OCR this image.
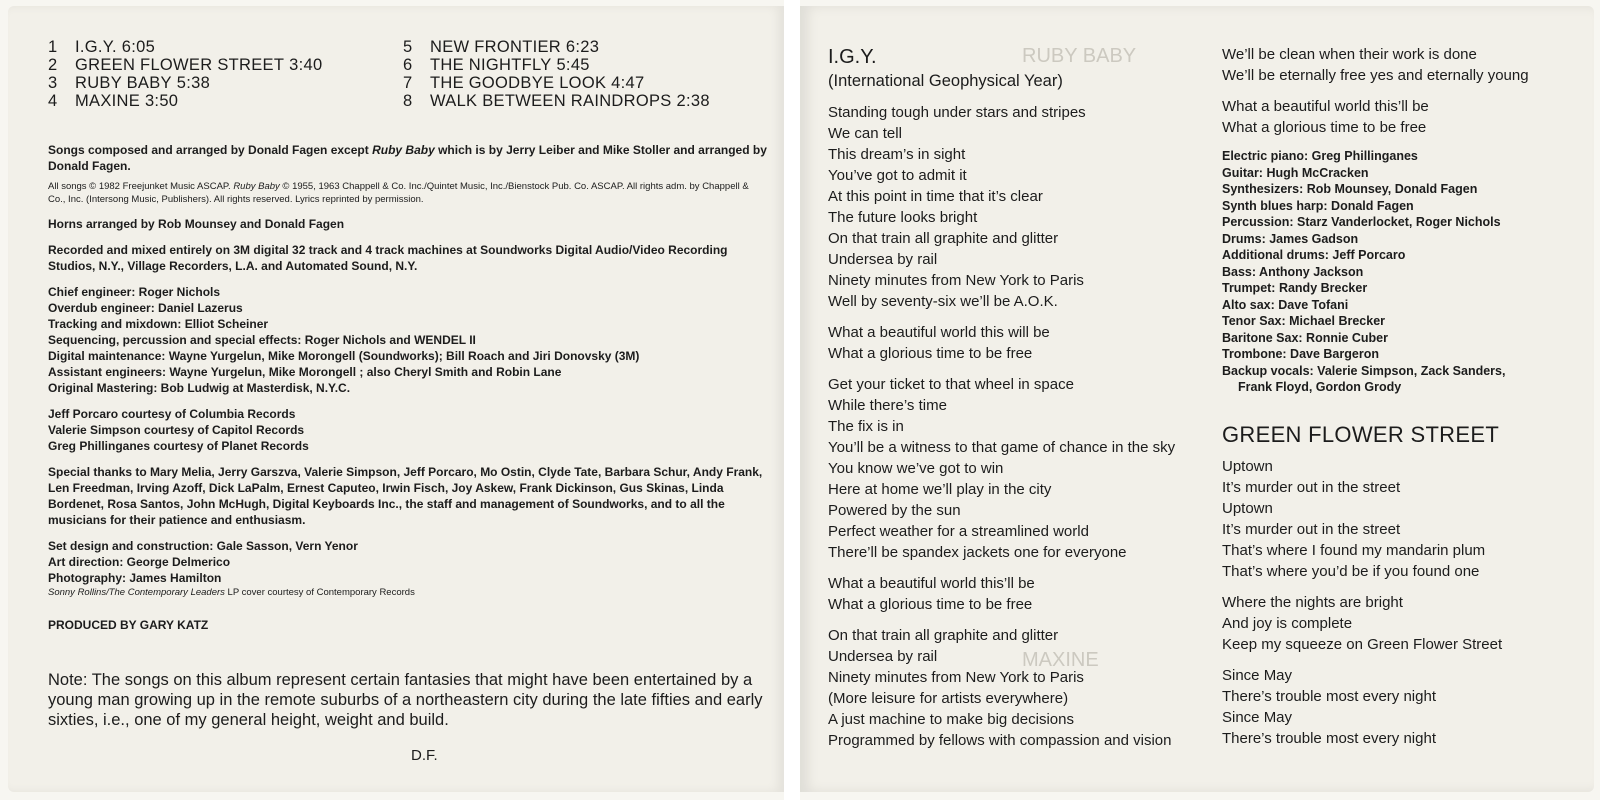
1 I.G.Y. 6:05
2 GREEN FLOWER STREET 3:40
3 RUBY BABY 5:38
4 MAXINE 3:50
5 NEW FRONTIER 6:23
6 THE NIGHTFLY 5:45
7 THE GOODBYE LOOK 4:47
8 WALK BETWEEN RAINDROPS 2:38

Songs composed and arranged by Donald Fagen except Ruby Baby which is by Jerry Leiber and Mike Stoller and arranged by Donald Fagen.

All songs © 1982 Freejunket Music ASCAP. Ruby Baby © 1955, 1963 Chappell & Co. Inc./Quintet Music, Inc./Bienstock Pub. Co. ASCAP. All rights adm. by Chappell & Co., Inc. (Intersong Music, Publishers). All rights reserved. Lyrics reprinted by permission.

Horns arranged by Rob Mounsey and Donald Fagen

Recorded and mixed entirely on 3M digital 32 track and 4 track machines at Soundworks Digital Audio/Video Recording Studios, N.Y., Village Recorders, L.A. and Automated Sound, N.Y.

Chief engineer: Roger Nichols

Overdub engineer: Daniel Lazerus

Tracking and mixdown: Elliot Scheiner

Sequencing, percussion and special effects: Roger Nichols and WENDEL II

Digital maintenance: Wayne Yurgelun, Mike Morongell (Soundworks); Bill Roach and Jiri Donovsky (3M)

Assistant engineers: Wayne Yurgelun, Mike Morongell ; also Cheryl Smith and Robin Lane

Original Mastering: Bob Ludwig at Masterdisk, N.Y.C.

Jeff Porcaro courtesy of Columbia Records

Valerie Simpson courtesy of Capitol Records

Greg Phillinganes courtesy of Planet Records

Special thanks to Mary Melia, Jerry Garszva, Valerie Simpson, Jeff Porcaro, Mo Ostin, Clyde Tate, Barbara Schur, Andy Frank, Len Freedman, Irving Azoff, Dick LaPalm, Ernest Caputeo, Irwin Fisch, Joy Askew, Frank Dickinson, Gus Skinas, Linda Bordenet, Rosa Santos, John McHugh, Digital Keyboards Inc., the staff and management of Soundworks, and to all the musicians for their patience and enthusiasm.

Set design and construction: Gale Sasson, Vern Yenor

Art direction: George Delmerico

Photography: James Hamilton

Sonny Rollins/The Contemporary Leaders LP cover courtesy of Contemporary Records

PRODUCED BY GARY KATZ

Note: The songs on this album represent certain fantasies that might have been entertained by a young man growing up in the remote suburbs of a northeastern city during the late fifties and early sixties, i.e., one of my general height, weight and build.
D.F.
RUBY BABY
MAXINE
I.G.Y.
(International Geophysical Year)

Standing tough under stars and stripes

We can tell

This dream’s in sight

You’ve got to admit it

At this point in time that it’s clear

The future looks bright

On that train all graphite and glitter

Undersea by rail

Ninety minutes from New York to Paris

Well by seventy-six we’ll be A.O.K.

What a beautiful world this will be

What a glorious time to be free

Get your ticket to that wheel in space

While there’s time

The fix is in

You’ll be a witness to that game of chance in the sky

You know we’ve got to win

Here at home we’ll play in the city

Powered by the sun

Perfect weather for a streamlined world

There’ll be spandex jackets one for everyone

What a beautiful world this’ll be

What a glorious time to be free

On that train all graphite and glitter

Undersea by rail

Ninety minutes from New York to Paris

(More leisure for artists everywhere)

A just machine to make big decisions

Programmed by fellows with compassion and vision

We’ll be clean when their work is done

We’ll be eternally free yes and eternally young

What a beautiful world this’ll be

What a glorious time to be free

Electric piano: Greg Phillinganes

Guitar: Hugh McCracken

Synthesizers: Rob Mounsey, Donald Fagen

Synth blues harp: Donald Fagen

Percussion: Starz Vanderlocket, Roger Nichols

Drums: James Gadson

Additional drums: Jeff Porcaro

Bass: Anthony Jackson

Trumpet: Randy Brecker

Alto sax: Dave Tofani

Tenor Sax: Michael Brecker

Baritone Sax: Ronnie Cuber

Trombone: Dave Bargeron

Backup vocals: Valerie Simpson, Zack Sanders,

Frank Floyd, Gordon Grody

GREEN FLOWER STREET

Uptown

It’s murder out in the street

Uptown

It’s murder out in the street

That’s where I found my mandarin plum

That’s where you’d be if you found one

Where the nights are bright

And joy is complete

Keep my squeeze on Green Flower Street

Since May

There’s trouble most every night

Since May

There’s trouble most every night
